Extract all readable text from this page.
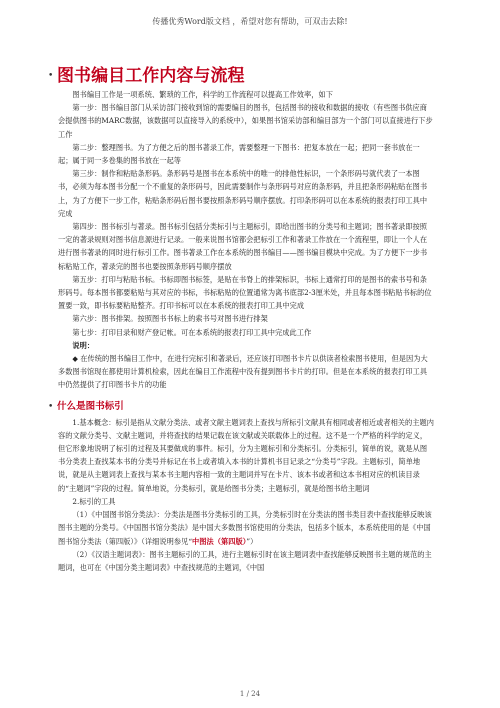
传播优秀Word版文档 ，希望对您有帮助，可双击去除!
• 图书编目工作内容与流程

图书编目工作是一项系统、繁琐的工作，科学的工作流程可以提高工作效率，如下

第一步：图书编目部门从采访部门接收到馆的需要编目的图书，包括图书的接收和数据的接收（有些图书供应商会提供图书的MARC数据，该数据可以直接导入的系统中），如果图书馆采访部和编目部为一个部门可以直接进行下步工作

第二步：整理图书。为了方便之后的图书著录工作，需要整理一下图书：把复本放在一起；把同一套书放在一起；属于同一多卷集的图书放在一起等

第三步：制作和粘贴条形码。条形码号是图书在本系统中的唯一的排他性标识，一个条形码号就代表了一本图书，必须为每本图书分配一个不重复的条形码号，因此需要制作与条形码号对应的条形码，并且把条形码粘贴在图书上，为了方便下一步工作，粘贴条形码后图书要按照条形码号顺序摆放。打印条形码可以在本系统的报表打印工具中完成

第四步：图书标引与著录。图书标引包括分类标引与主题标引，即给出图书的分类号和主题词；图书著录即按照一定的著录规则对图书信息源进行记录。一般来说图书馆都会把标引工作和著录工作放在一个流程里，即让一个人在进行图书著录的同时进行标引工作。图书著录工作在本系统的图书编目——图书编目模块中完成。为了方便下一步书标粘贴工作，著录完的图书也要按照条形码号顺序摆放

第五步：打印与粘贴书标。书标即图书标签，是贴在书脊上的排架标识，书标上通常打印的是图书的索书号和条形码号。每本图书都要粘贴与其对应的书标，书标粘贴的位置通常为离书底部2-3厘米处，并且每本图书粘贴书标的位置要一致，即书标要粘贴整齐。打印书标可以在本系统的报表打印工具中完成

第六步：图书排架。按照图书书标上的索书号对图书进行排架

第七步：打印目录和财产登记帐。可在本系统的报表打印工具中完成此工作

说明：

◆ 在传统的图书编目工作中，在进行完标引和著录后，还应该打印图书卡片以供读者检索图书使用，但是因为大多数图书馆现在都使用计算机检索，因此在编目工作流程中没有提到图书卡片的打印。但是在本系统的报表打印工具中仍然提供了打印图书卡片的功能

• 什么是图书标引

1.基本概念：标引是指从文献分类法、或者文献主题词表上查找与所标引文献具有相同或者相近或者相关的主题内容的文献分类号、文献主题词，并将查找的结果记载在该文献或关联载体上的过程。这不是一个严格的科学的定义，但它形象地说明了标引的过程及其要做成的事件。标引，分为主题标引和分类标引。分类标引，简单的说，就是从图书分类表上查找某本书的分类号并标记在书上或者填入本书的计算机书目记录之“分类号”字段。主题标引，简单地说，就是从主题词表上查找与某本书主题内容相一致的主题词并写在卡片、该本书或者和这本书相对应的机读目录的“主题词”字段的过程。简单地说，分类标引，就是给图书分类；主题标引，就是给图书给主题词

2.标引的工具

（1）《中国图书馆分类法》：分类法是图书分类标引的工具，分类标引时在分类法的图书类目表中查找能够反映该图书主题的分类号。《中国图书馆分类法》是中国大多数图书馆使用的分类法，包括多个版本，本系统使用的是《中国图书馆分类法（第四版）》（详细说明参见“中图法（第四版）”）

（2）《汉语主题词表》：图书主题标引的工具，进行主题标引时在该主题词表中查找能够反映图书主题的规范的主题词，也可在《中国分类主题词表》中查找规范的主题词，《中国

1 / 24
